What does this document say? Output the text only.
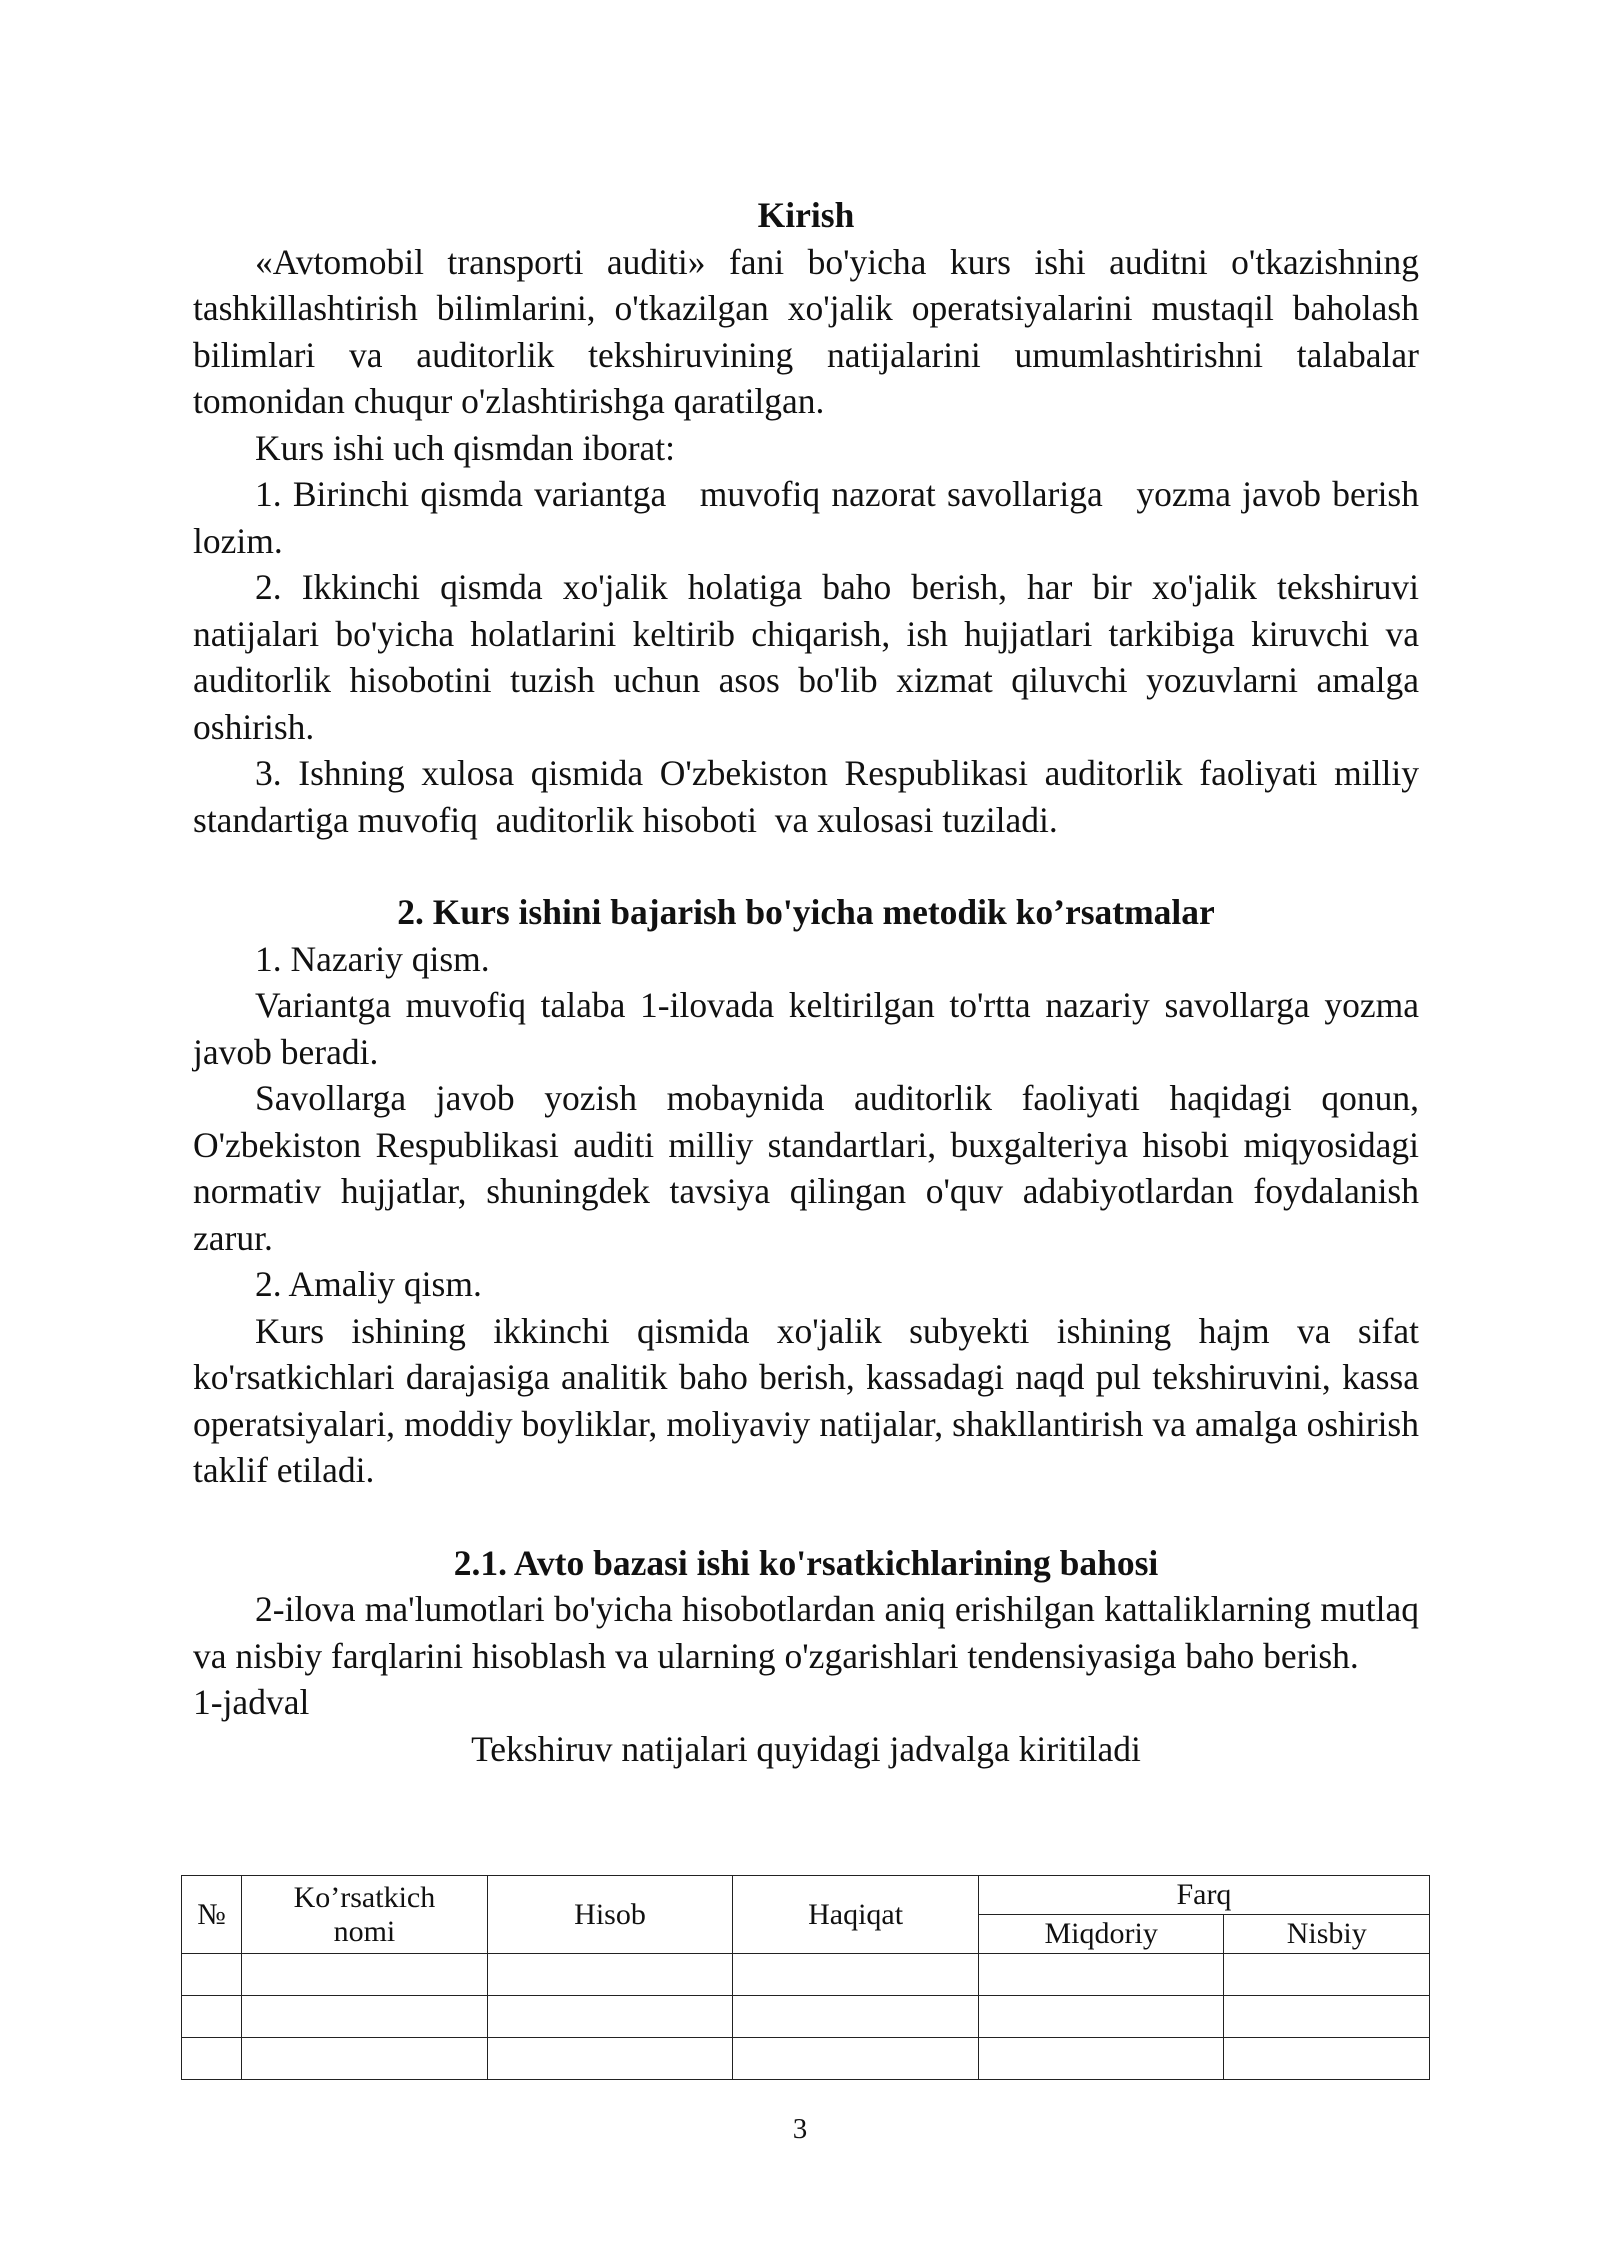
Kirish

«Avtomobil transporti auditi» fani bo'yicha kurs ishi auditni o'tkazishning tashkillashtirish bilimlarini, o'tkazilgan xo'jalik operatsiyalarini mustaqil baholash bilimlari va auditorlik tekshiruvining natijalarini umumlashtirishni talabalar tomonidan chuqur o'zlashtirishga qaratilgan.

Kurs ishi uch qismdan iborat:

1. Birinchi qismda variantga   muvofiq nazorat savollariga   yozma javob berish lozim.

2. Ikkinchi qismda xo'jalik holatiga baho berish, har bir xo'jalik tekshiruvi natijalari bo'yicha holatlarini keltirib chiqarish, ish hujjatlari tarkibiga kiruvchi va auditorlik hisobotini tuzish uchun asos bo'lib xizmat qiluvchi yozuvlarni amalga oshirish.

3. Ishning xulosa qismida O'zbekiston Respublikasi auditorlik faoliyati milliy  standartiga muvofiq  auditorlik hisoboti  va xulosasi tuziladi.

2. Kurs ishini bajarish bo'yicha metodik ko’rsatmalar

1. Nazariy qism.

Variantga muvofiq talaba 1-ilovada keltirilgan to'rtta nazariy savollarga yozma javob beradi.

Savollarga javob yozish mobaynida auditorlik faoliyati haqidagi qonun, O'zbekiston Respublikasi auditi milliy standartlari, buxgalteriya hisobi miqyosidagi normativ hujjatlar, shuningdek tavsiya qilingan o'quv adabiyotlardan foydalanish zarur.

2. Amaliy qism.

Kurs ishining ikkinchi qismida xo'jalik subyekti ishining hajm va sifat ko'rsatkichlari darajasiga analitik baho berish, kassadagi naqd pul tekshiruvini, kassa operatsiyalari, moddiy boyliklar, moliyaviy natijalar, shakllantirish va amalga oshirish taklif etiladi.

2.1. Avto bazasi ishi ko'rsatkichlarining bahosi

2-ilova ma'lumotlari bo'yicha hisobotlardan aniq erishilgan kattaliklarning mutlaq va nisbiy farqlarini hisoblash va ularning o'zgarishlari tendensiyasiga baho berish.

1-jadval

Tekshiruv natijalari quyidagi jadvalga kiritiladi

№	Ko’rsatkich nomi	Hisob	Haqiqat	Farq	
				Miqdoriy	Nisbiy

3
